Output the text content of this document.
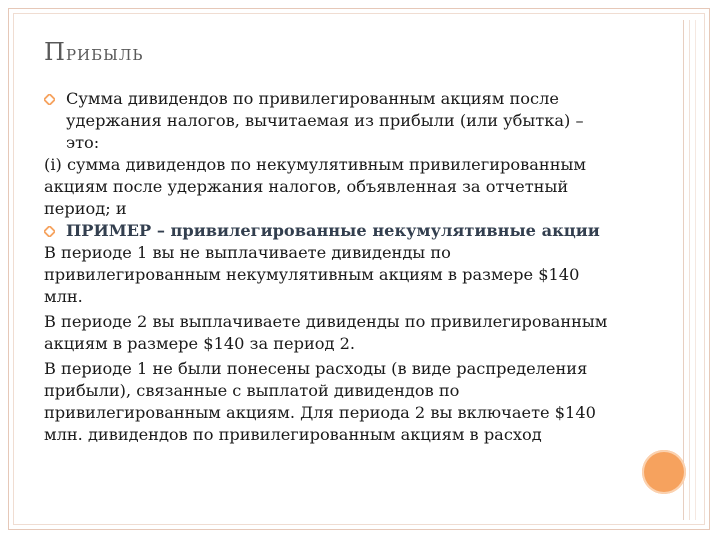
Прибыль
Сумма дивидендов по привилегированным акциям после удержания налогов, вычитаемая из прибыли (или убытка) – это:

(i) сумма дивидендов по некумулятивным привилегированным акциям после удержания налогов, объявленная за отчетный период; и

ПРИМЕР – привилегированные некумулятивные акции

В периоде 1 вы не выплачиваете дивиденды по привилегированным некумулятивным акциям в размере $140 млн.

В периоде 2 вы выплачиваете дивиденды по привилегированным акциям в размере $140 за период 2.

В периоде 1 не были понесены расходы (в виде распределения прибыли), связанные с выплатой дивидендов по привилегированным акциям. Для периода 2 вы включаете $140 млн. дивидендов по привилегированным акциям в расход
